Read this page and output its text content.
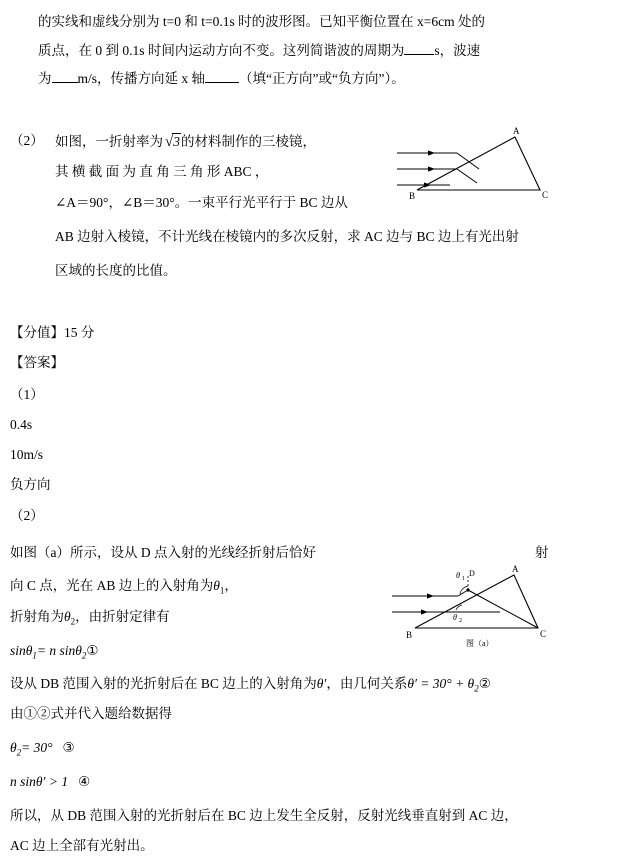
的实线和虚线分别为 t=0 和 t=0.1s 时的波形图。已知平衡位置在 x=6cm 处的
质点，在 0 到 0.1s 时间内运动方向不变。这列简谐波的周期为 s，波速
为 m/s，传播方向延 x 轴	（填“正方向”或“负方向”）。
（2） 如图，一折射率为 √3的材料制作的三棱镜，
其 横 截 面 为 直 角 三 角 形 ABC ，
∠A＝90°，∠B＝30°。一束平行光平行于 BC 边从
AB 边射入棱镜，不计光线在棱镜内的多次反射，求 AC 边与 BC 边上有光出射
区域的长度的比值。
A
B	C
【分值】15 分
【答案】
（1）
0.4s
10m/s
负方向
（2）
如图（a）所示，设从 D 点入射的光线经折射后恰好	射
向 C 点，光在 AB 边上的入射角为$\theta_1$，
折射角为$\theta_2$，由折射定律有
sinθ$_1$= n sinθ$_2$①
设从 DB 范围入射的光折射后在 BC 边上的入射角为θ′，由几何关系$\theta' = 30^\circ + \theta_2②$
由①②式并代入题给数据得
$\theta_2= 30^\circ$ ③
n sinθ′ > 1 ④
所以，从 DB 范围入射的光折射后在 BC 边上发生全反射，反射光线垂直射到 AC 边，
AC 边上全部有光射出。
θ 1
D	A
θ 2
B	C
图（a）
